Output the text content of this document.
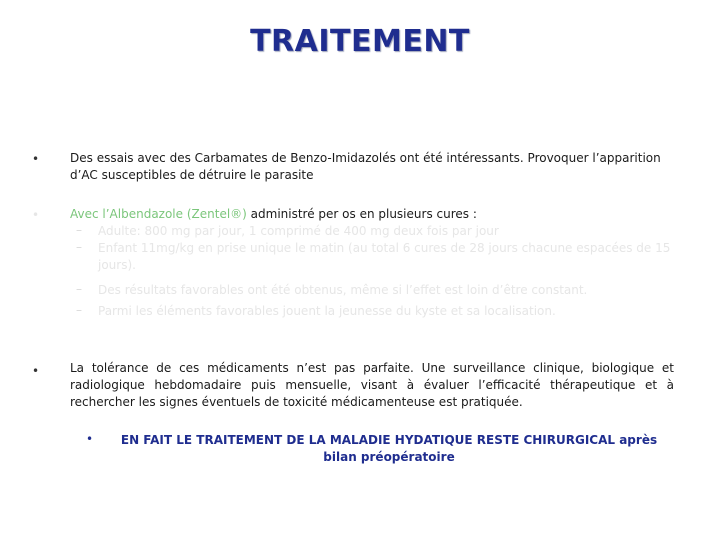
TRAITEMENT
•	Des essais avec des Carbamates de Benzo-Imidazolés ont été intéressants. Provoquer l’apparition d’AC susceptibles de détruire le parasite
•	Avec l’Albendazole (Zentel®) administré per os en plusieurs cures :
– Adulte: 800 mg par jour, 1 comprimé de 400 mg deux fois par jour
– Enfant 11mg/kg en prise unique le matin (au total 6 cures de 28 jours chacune espacées de 15 jours).
– Des résultats favorables ont été obtenus, même si l’effet est loin d’être constant.
– Parmi les éléments favorables jouent la jeunesse du kyste et sa localisation.
•	La tolérance de ces médicaments n’est pas parfaite. Une surveillance clinique, biologique et radiologique hebdomadaire puis mensuelle, visant à évaluer l’efficacité thérapeutique et à rechercher les signes éventuels de toxicité médicamenteuse est pratiquée.
•	EN FAIT LE TRAITEMENT DE LA MALADIE HYDATIQUE RESTE CHIRURGICAL après bilan préopératoire
